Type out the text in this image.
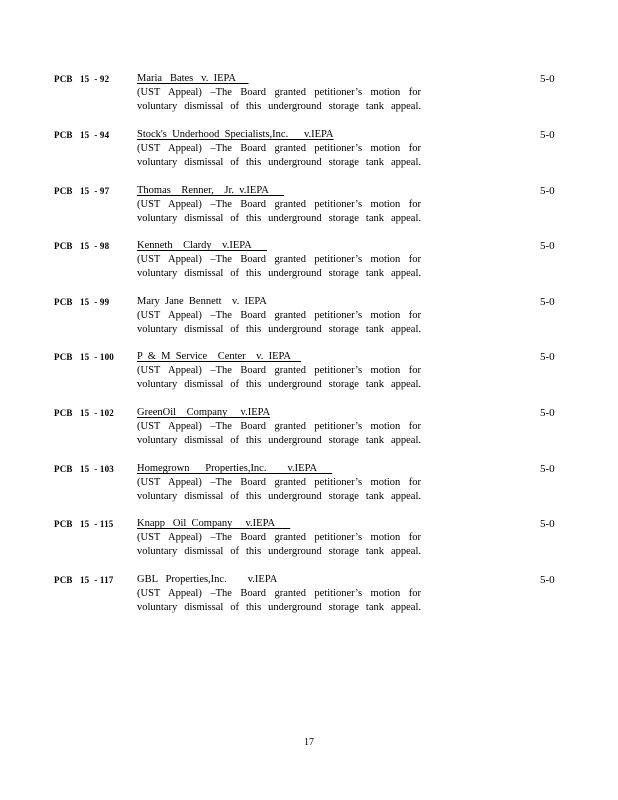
PCB   15  - 92	Maria   Bates   v.  IEPA
(UST Appeal) –The Board granted petitioner’s motion for
voluntary dismissal of this underground storage tank appeal.
5-0
PCB   15  - 94	Stock's  Underhood  Specialists,Inc.      v.IEPA
(UST Appeal) –The Board granted petitioner’s motion for
voluntary dismissal of this underground storage tank appeal.
5-0
PCB   15  - 97	Thomas    Renner,    Jr.  v.IEPA
(UST Appeal) –The Board granted petitioner’s motion for
voluntary dismissal of this underground storage tank appeal.
5-0
PCB   15  - 98	Kenneth    Clardy    v.IEPA
(UST Appeal) –The Board granted petitioner’s motion for
voluntary dismissal of this underground storage tank appeal.
5-0
PCB   15  - 99	Mary  Jane  Bennett    v.  IEPA
(UST Appeal) –The Board granted petitioner’s motion for
voluntary dismissal of this underground storage tank appeal.
5-0
PCB   15  - 100	P  &  M  Service    Center    v.  IEPA
(UST Appeal) –The Board granted petitioner’s motion for
voluntary dismissal of this underground storage tank appeal.
5-0
PCB   15  - 102	GreenOil    Company     v.IEPA
(UST Appeal) –The Board granted petitioner’s motion for
voluntary dismissal of this underground storage tank appeal.
5-0
PCB   15  - 103	Homegrown      Properties,Inc.        v.IEPA
(UST Appeal) –The Board granted petitioner’s motion for
voluntary dismissal of this underground storage tank appeal.
5-0
PCB   15  - 115	Knapp   Oil  Company     v.IEPA
(UST Appeal) –The Board granted petitioner’s motion for
voluntary dismissal of this underground storage tank appeal.
5-0
PCB   15  - 117	GBL   Properties,Inc.        v.IEPA
(UST Appeal) –The Board granted petitioner’s motion for
voluntary dismissal of this underground storage tank appeal.
5-0
17
